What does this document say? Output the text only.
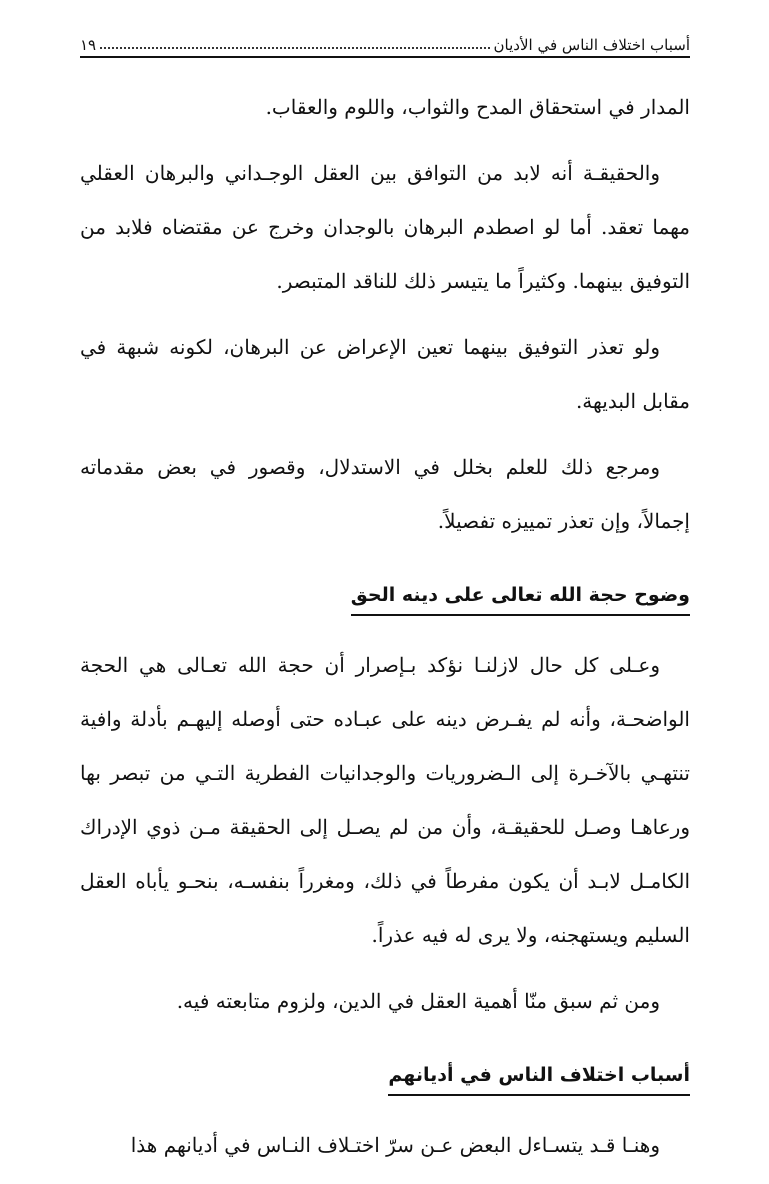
أسباب اختلاف الناس في الأديان
١٩

المدار في استحقاق المدح والثواب، واللوم والعقاب.

والحقيقـة أنه لابد من التوافق بين العقل الوجـداني والبرهان العقلي مهما تعقد. أما لو اصطدم البرهان بالوجدان وخرج عن مقتضاه فلابد من التوفيق بينهما. وكثيراً ما يتيسر ذلك للناقد المتبصر.

ولو تعذر التوفيق بينهما تعين الإعراض عن البرهان، لكونه شبهة في مقابل البديهة.

ومرجع ذلك للعلم بخلل في الاستدلال، وقصور في بعض مقدماته إجمالاً، وإن تعذر تمييزه تفصيلاً.

وضوح حجة الله تعالى على دينه الحق

وعـلى كل حال لازلنـا نؤكد بـإصرار أن حجة الله تعـالى هي الحجة الواضحـة، وأنه لم يفـرض دينه على عبـاده حتى أوصله إليهـم بأدلة وافية تنتهـي بالآخـرة إلى الـضروريات والوجدانيات الفطرية التـي من تبصر بها ورعاهـا وصـل للحقيقـة، وأن من لم يصـل إلى الحقيقة مـن ذوي الإدراك الكامـل لابـد أن يكون مفرطاً في ذلك، ومغرراً بنفسـه، بنحـو يأباه العقل السليم ويستهجنه، ولا يرى له فيه عذراً.

ومن ثم سبق منّا أهمية العقل في الدين، ولزوم متابعته فيه.

أسباب اختلاف الناس في أديانهم

وهنـا قـد يتسـاءل البعض عـن سرّ اختـلاف النـاس في أديانهم هذا
